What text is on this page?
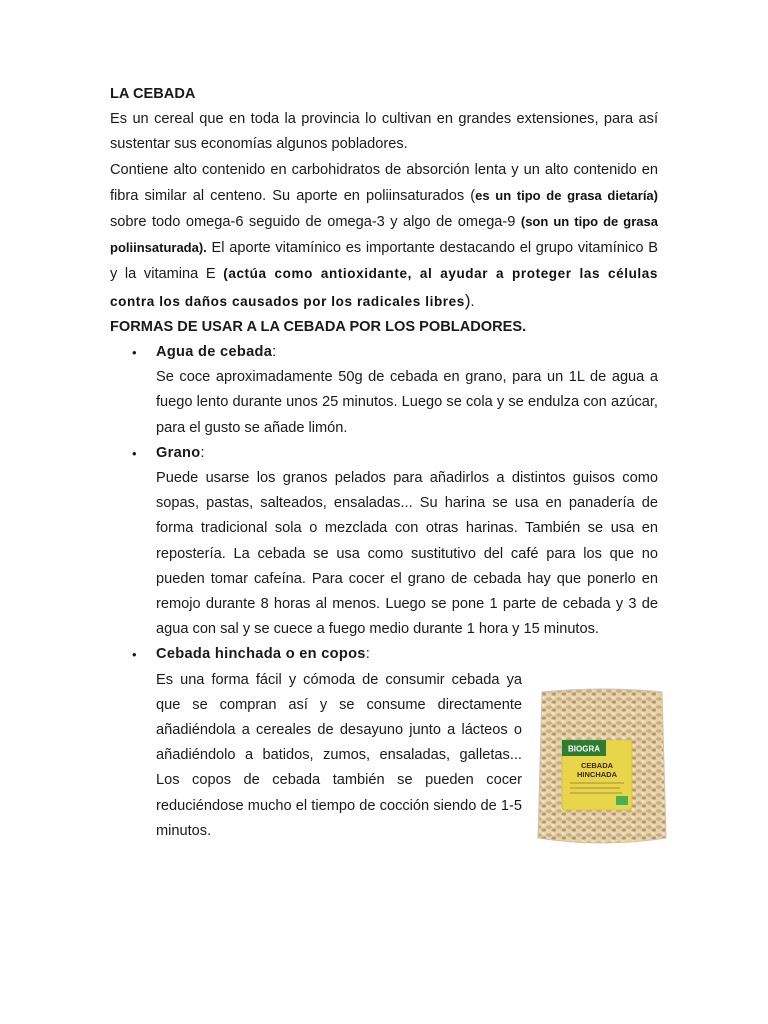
LA CEBADA

Es un cereal que en toda la provincia lo cultivan en grandes extensiones, para así sustentar sus economías algunos pobladores.

Contiene alto contenido en carbohidratos de absorción lenta y un alto contenido en fibra similar al centeno. Su aporte en poliinsaturados (es un tipo de grasa dietaría) sobre todo omega-6 seguido de omega-3 y algo de omega-9 (son un tipo de grasa poliinsaturada). El aporte vitamínico es importante destacando el grupo vitamínico B y la vitamina E (actúa como antioxidante, al ayudar a proteger las células contra los daños causados por los radicales libres).

FORMAS DE USAR A LA CEBADA POR LOS POBLADORES.

• Agua de cebada:
Se coce aproximadamente 50g de cebada en grano, para un 1L de agua a fuego lento durante unos 25 minutos. Luego se cola y se endulza con azúcar, para el gusto se añade limón.
• Grano:
Puede usarse los granos pelados para añadirlos a distintos guisos como sopas, pastas, salteados, ensaladas... Su harina se usa en panadería de forma tradicional sola o mezclada con otras harinas. También se usa en repostería. La cebada se usa como sustitutivo del café para los que no pueden tomar cafeína. Para cocer el grano de cebada hay que ponerlo en remojo durante 8 horas al menos. Luego se pone 1 parte de cebada y 3 de agua con sal y se cuece a fuego medio durante 1 hora y 15 minutos.
• Cebada hinchada o en copos:
Es una forma fácil y cómoda de consumir cebada ya que se compran así y se consume directamente añadiéndola a cereales de desayuno junto a lácteos o añadiéndolo a batidos, zumos, ensaladas, galletas... Los copos de cebada también se pueden cocer reduciéndose mucho el tiempo de cocción siendo de 1-5 minutos.
BIOGRA
CEBADA
HINCHADA
